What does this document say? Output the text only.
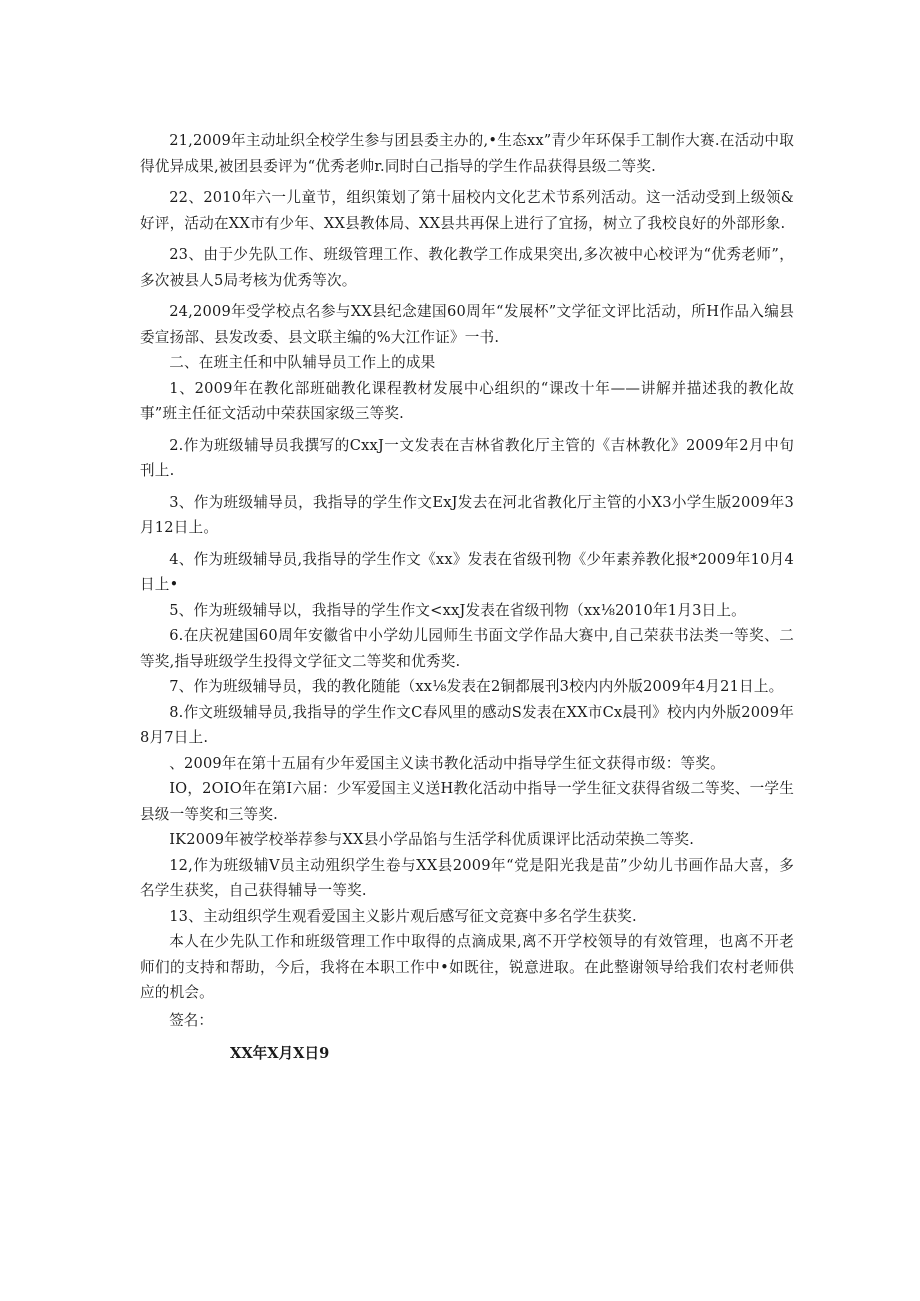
21,2009年主动址织全校学生参与团县委主办的,•生态xx”青少年环保手工制作大赛.在活动中取得优异成果,被团县委评为“优秀老帅r.同时白己指导的学生作品获得县级二等奖.

22、2010年六一儿童节，组织策划了第十届校内文化艺术节系列活动。这一活动受到上级领&好评，活动在XX市有少年、XX县教体局、XX县共再保上进行了宜扬，树立了我校良好的外部形象.

23、由于少先队工作、班级管理工作、教化教学工作成果突出,多次被中心校评为“优秀老师”，多次被县人5局考核为优秀等次。

24,2009年受学校点名参与XX县纪念建国60周年“发展杯”文学征文评比活动，所H作品入编县委宣扬部、县发改委、县文联主编的%大江作证》一书.

二、在班主任和中队辅导员工作上的成果

1、2009年在教化部班础教化课程教材发展中心组织的“课改十年——讲解并描述我的教化故事”班主任征文活动中荣获国家级三等奖.

2.作为班级辅导员我撰写的CxxJ一文发表在吉林省教化厅主管的《吉林教化》2009年2月中旬刊上.

3、作为班级辅导员，我指导的学生作文ExJ发去在河北省教化厅主管的小X3小学生版2009年3月12日上。

4、作为班级辅导员,我指导的学生作文《xx》发表在省级刊物《少年素养教化报*2009年10月4日上•

5、作为班级辅导以，我指导的学生作文<xxJ发表在省级刊物（xx⅛2010年1月3日上。

6.在庆祝建国60周年安徽省中小学幼儿园师生书面文学作品大赛中,自己荣获书法类一等奖、二等奖,指导班级学生投得文学征文二等奖和优秀奖.

7、作为班级辅导员，我的教化随能（xx⅛发表在2铜都展刊3校内内外版2009年4月21日上。

8.作文班级辅导员,我指导的学生作文C春风里的感动S发表在XX市Cx晨刊》校内内外版2009年8月7日上.

、2009年在第十五届有少年爱国主义读书教化活动中指导学生征文获得市级：等奖。

IO，2OIO年在第I六届：少军爱国主义送H教化活动中指导一学生征文获得省级二等奖、一学生县级一等奖和三等奖.

IK2009年被学校举荐参与XX县小学品馅与生活学科优质课评比活动荣换二等奖.

12,作为班级辅V员主动殂织学生卷与XX县2009年“党是阳光我是苗”少幼儿书画作品大喜，多名学生获奖，自己获得辅导一等奖.

13、主动组织学生观看爱国主义影片观后感写征文竞赛中多名学生获奖.

本人在少先队工作和班级管理工作中取得的点滴成果,离不开学校领导的有效管理，也离不开老师们的支持和帮助，今后，我将在本职工作中•如既往，锐意进取。在此整谢领导给我们农村老师供应的机会。

签名：

XX年X月X日9
